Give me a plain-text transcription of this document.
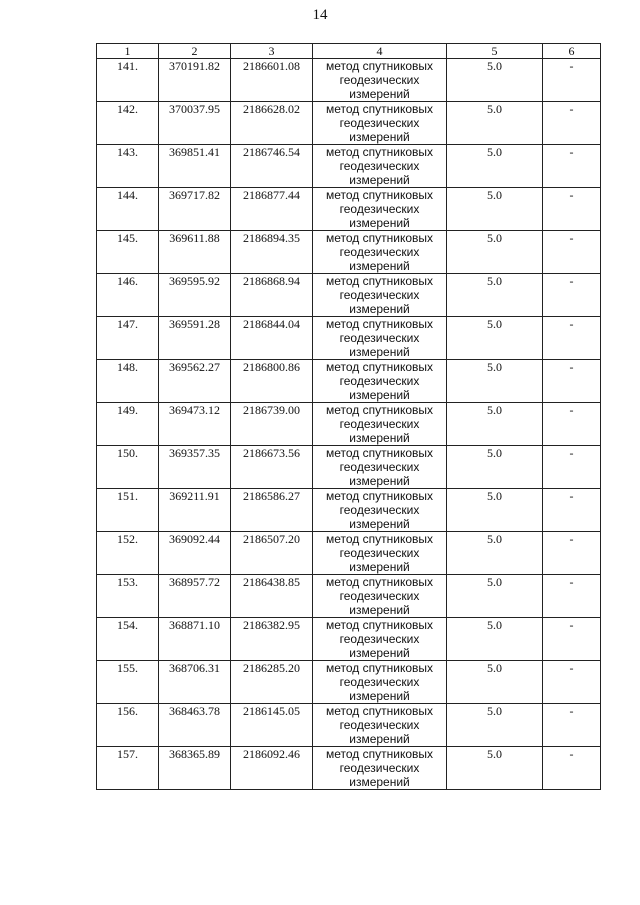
14
1	2	3	4	5	6
141.	370191.82	2186601.08	метод спутниковых геодезических измерений	5.0	-
142.	370037.95	2186628.02	метод спутниковых геодезических измерений	5.0	-
143.	369851.41	2186746.54	метод спутниковых геодезических измерений	5.0	-
144.	369717.82	2186877.44	метод спутниковых геодезических измерений	5.0	-
145.	369611.88	2186894.35	метод спутниковых геодезических измерений	5.0	-
146.	369595.92	2186868.94	метод спутниковых геодезических измерений	5.0	-
147.	369591.28	2186844.04	метод спутниковых геодезических измерений	5.0	-
148.	369562.27	2186800.86	метод спутниковых геодезических измерений	5.0	-
149.	369473.12	2186739.00	метод спутниковых геодезических измерений	5.0	-
150.	369357.35	2186673.56	метод спутниковых геодезических измерений	5.0	-
151.	369211.91	2186586.27	метод спутниковых геодезических измерений	5.0	-
152.	369092.44	2186507.20	метод спутниковых геодезических измерений	5.0	-
153.	368957.72	2186438.85	метод спутниковых геодезических измерений	5.0	-
154.	368871.10	2186382.95	метод спутниковых геодезических измерений	5.0	-
155.	368706.31	2186285.20	метод спутниковых геодезических измерений	5.0	-
156.	368463.78	2186145.05	метод спутниковых геодезических измерений	5.0	-
157.	368365.89	2186092.46	метод спутниковых геодезических измерений	5.0	-
